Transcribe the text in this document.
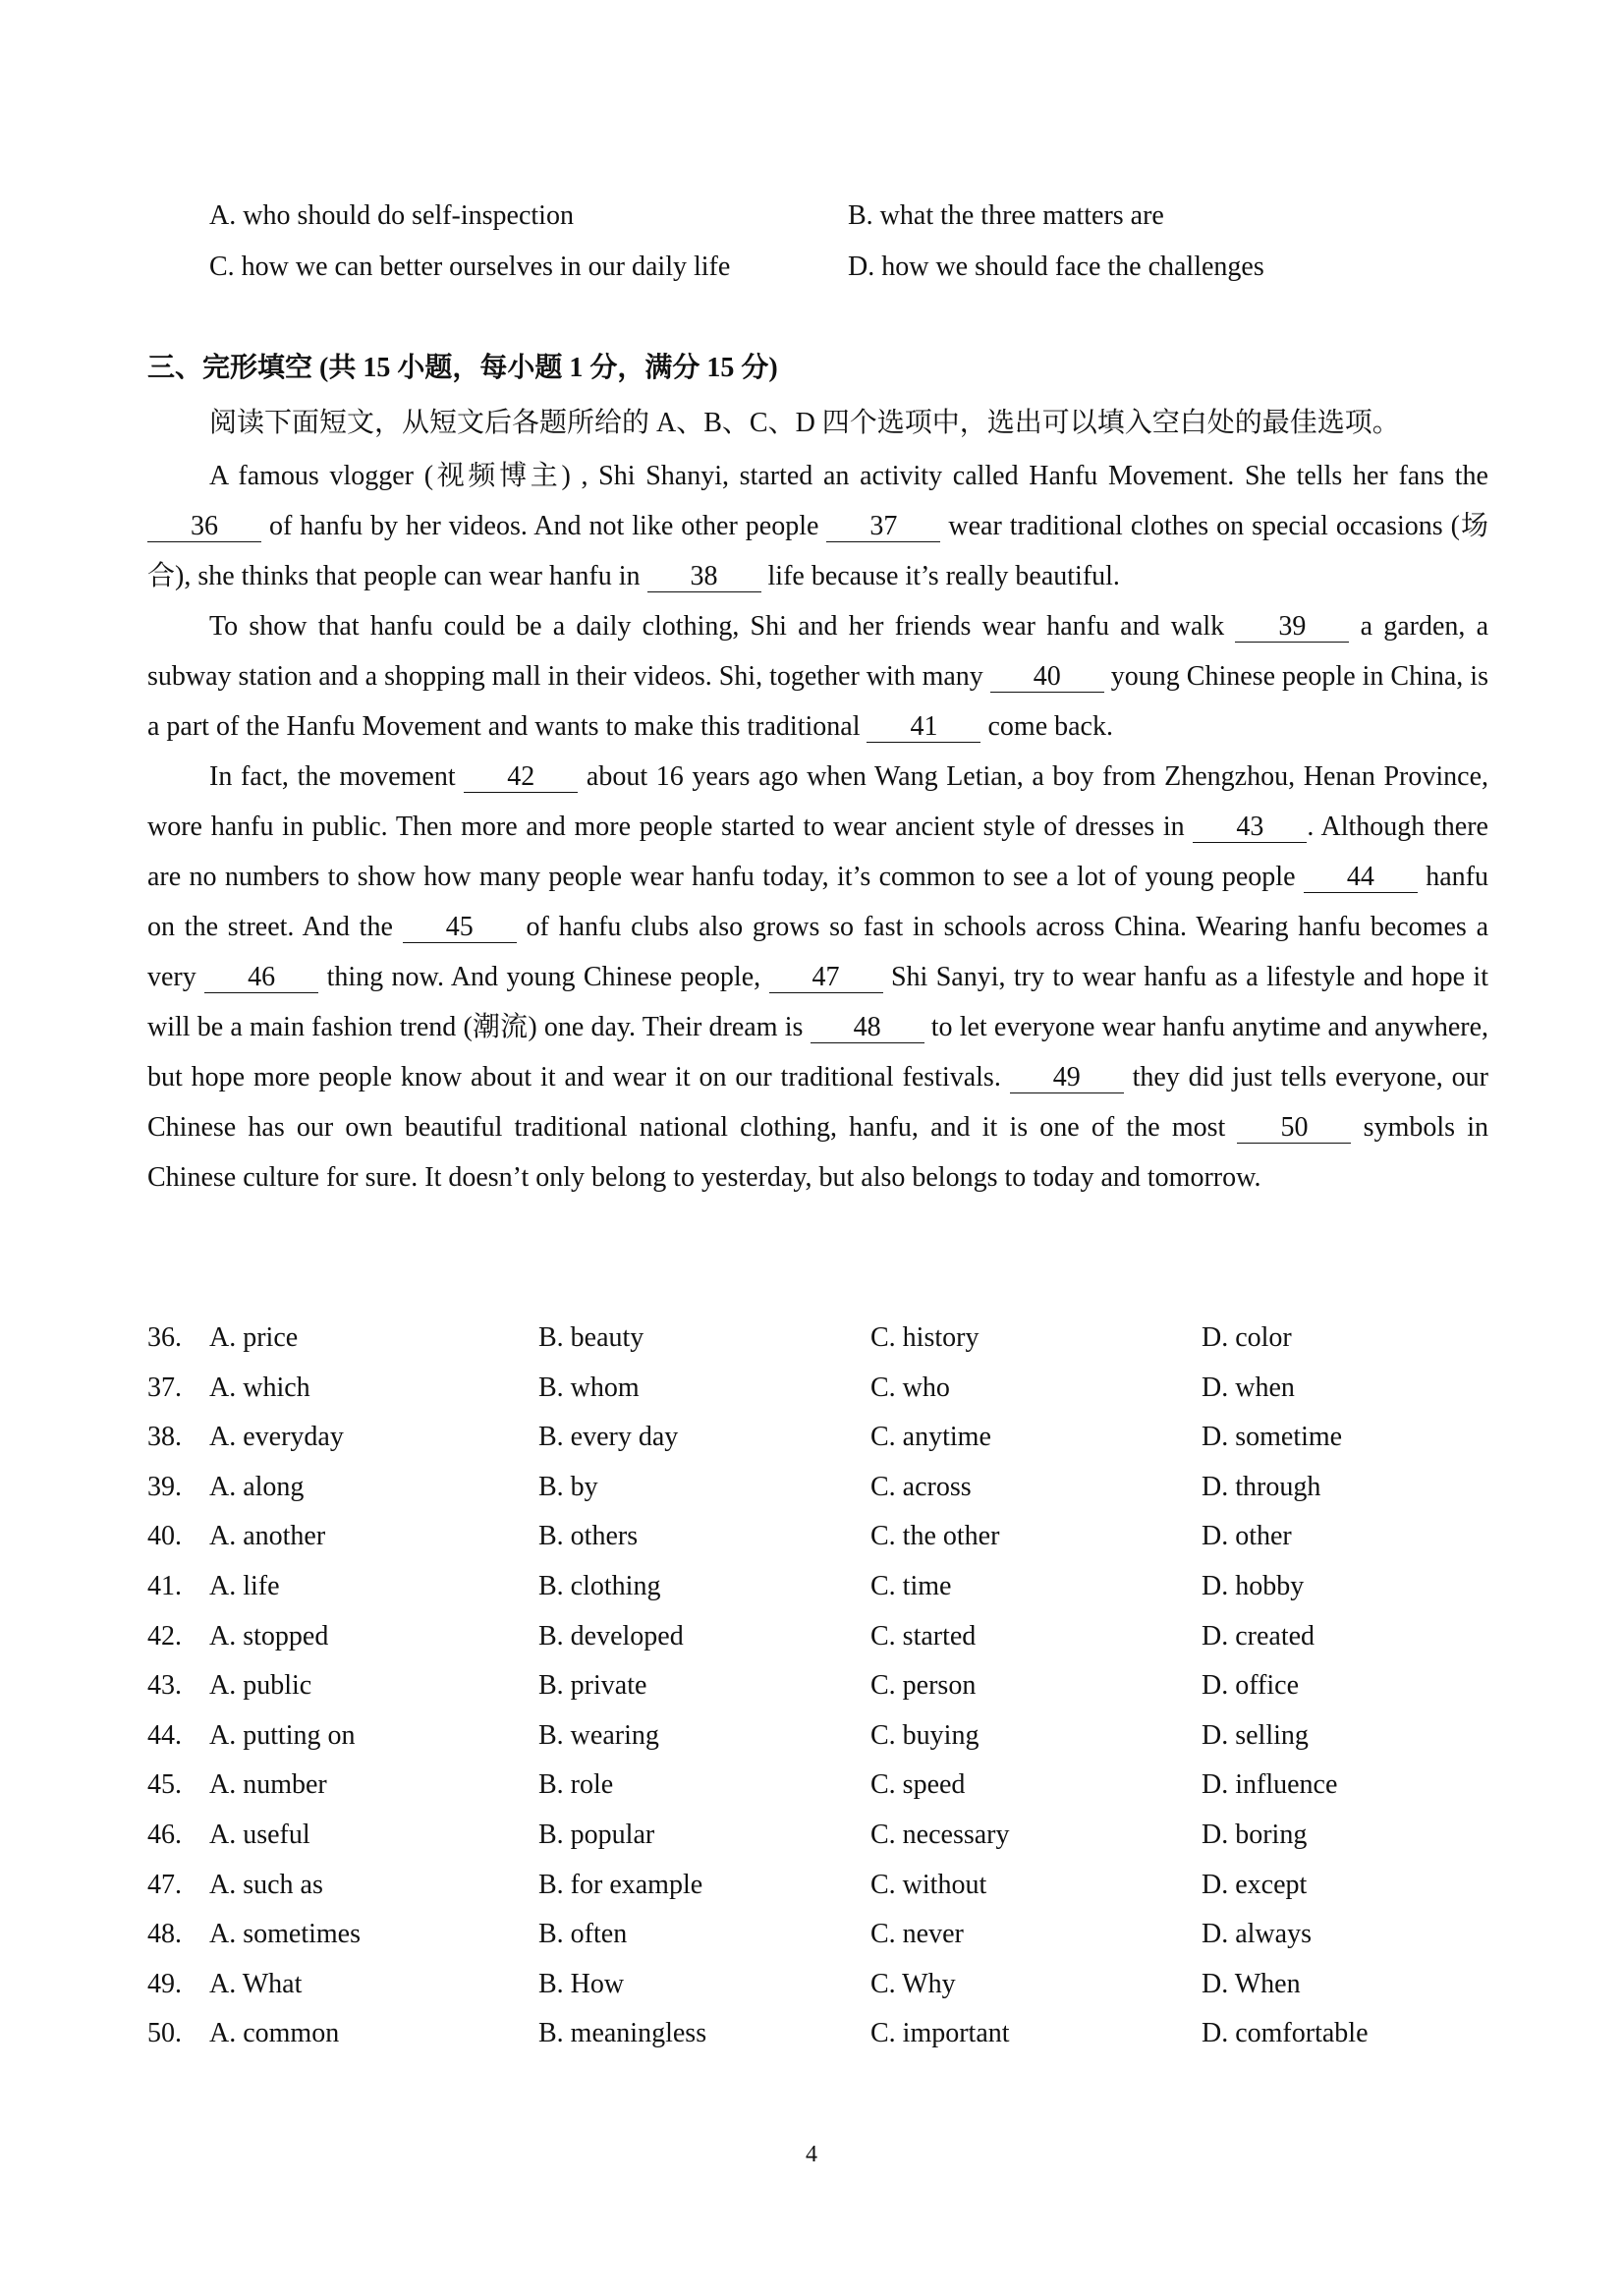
A. who should do self-inspection	B. what the three matters are
C. how we can better ourselves in our daily life	D. how we should face the challenges
三、完形填空 (共 15 小题，每小题 1 分，满分 15 分)
阅读下面短文，从短文后各题所给的 A、B、C、D 四个选项中，选出可以填入空白处的最佳选项。

A famous vlogger (视频博主) , Shi Shanyi, started an activity called Hanfu Movement. She tells her fans the 36 of hanfu by her videos. And not like other people 37 wear traditional clothes on special occasions (场合), she thinks that people can wear hanfu in 38 life because it’s really beautiful.

To show that hanfu could be a daily clothing, Shi and her friends wear hanfu and walk 39 a garden, a subway station and a shopping mall in their videos. Shi, together with many 40 young Chinese people in China, is a part of the Hanfu Movement and wants to make this traditional 41 come back.

In fact, the movement 42 about 16 years ago when Wang Letian, a boy from Zhengzhou, Henan Province, wore hanfu in public. Then more and more people started to wear ancient style of dresses in 43 . Although there are no numbers to show how many people wear hanfu today, it’s common to see a lot of young people 44 hanfu on the street. And the 45 of hanfu clubs also grows so fast in schools across China. Wearing hanfu becomes a very 46 thing now. And young Chinese people, 47 Shi Sanyi, try to wear hanfu as a lifestyle and hope it will be a main fashion trend (潮流) one day. Their dream is 48 to let everyone wear hanfu anytime and anywhere, but hope more people know about it and wear it on our traditional festivals. 49 they did just tells everyone, our Chinese has our own beautiful traditional national clothing, hanfu, and it is one of the most 50 symbols in Chinese culture for sure. It doesn’t only belong to yesterday, but also belongs to today and tomorrow.

36.	A. price	B. beauty	C. history	D. color
37.	A. which	B. whom	C. who	D. when
38.	A. everyday	B. every day	C. anytime	D. sometime
39.	A. along	B. by	C. across	D. through
40.	A. another	B. others	C. the other	D. other
41.	A. life	B. clothing	C. time	D. hobby
42.	A. stopped	B. developed	C. started	D. created
43.	A. public	B. private	C. person	D. office
44.	A. putting on	B. wearing	C. buying	D. selling
45.	A. number	B. role	C. speed	D. influence
46.	A. useful	B. popular	C. necessary	D. boring
47.	A. such as	B. for example	C. without	D. except
48.	A. sometimes	B. often	C. never	D. always
49.	A. What	B. How	C. Why	D. When
50.	A. common	B. meaningless	C. important	D. comfortable
4
